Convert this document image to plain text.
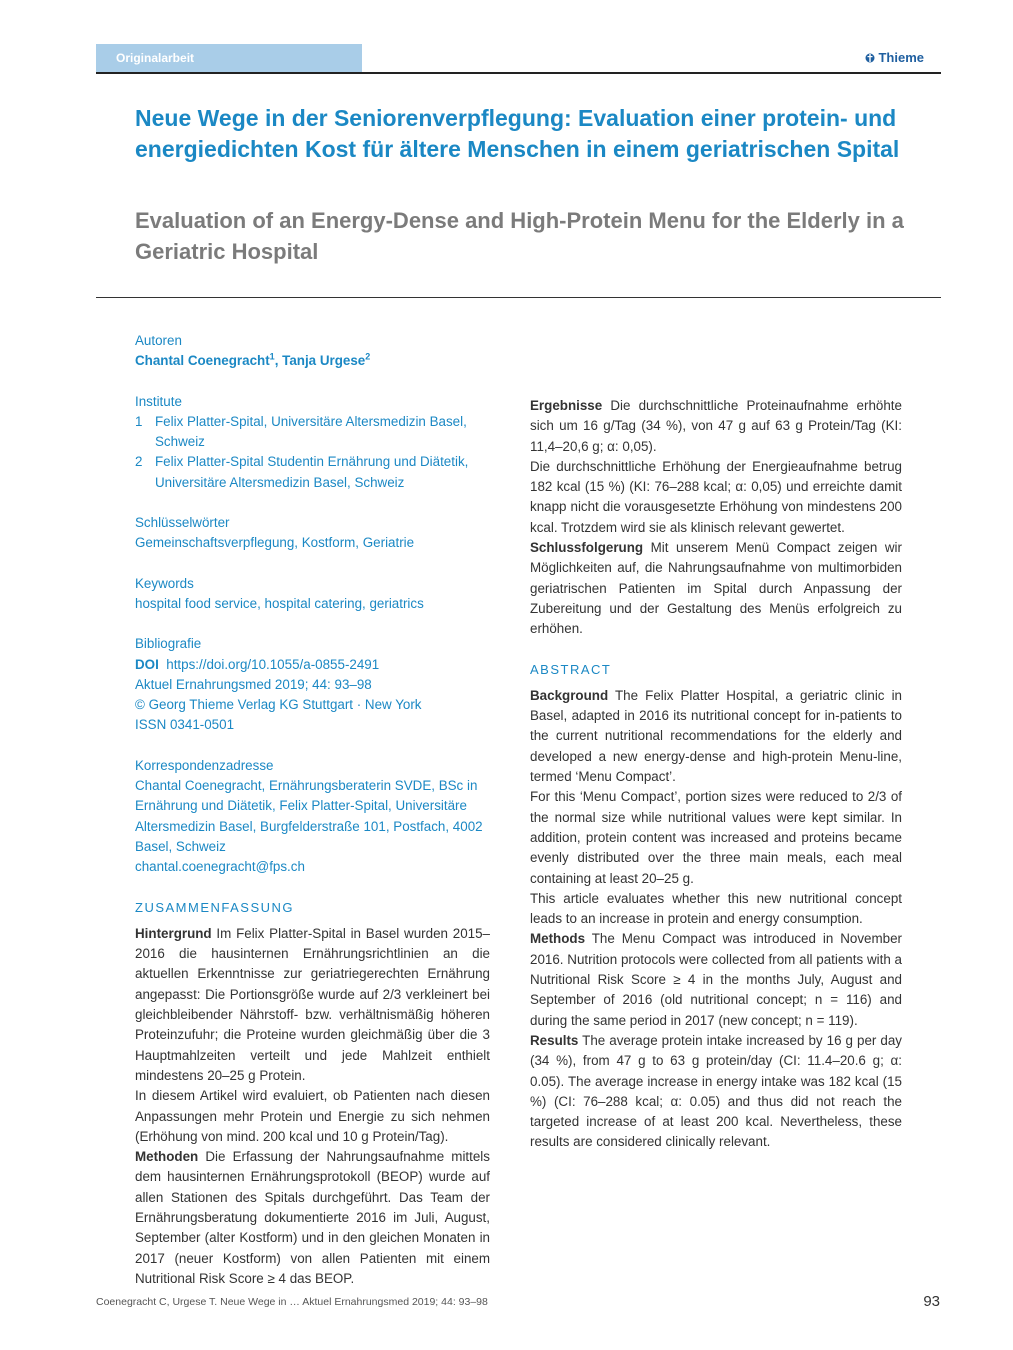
Originalarbeit	Thieme
Neue Wege in der Seniorenverpflegung: Evaluation einer protein- und energiedichten Kost für ältere Menschen in einem geriatrischen Spital
Evaluation of an Energy-Dense and High-Protein Menu for the Elderly in a Geriatric Hospital
Autoren
Chantal Coenegracht$^1$, Tanja Urgese$^2$
Institute
1 Felix Platter-Spital, Universitäre Altersmedizin Basel, Schweiz
2 Felix Platter-Spital Studentin Ernährung und Diätetik, Universitäre Altersmedizin Basel, Schweiz
Schlüsselwörter
Gemeinschaftsverpflegung, Kostform, Geriatrie
Keywords
hospital food service, hospital catering, geriatrics
Bibliografie
DOI https://doi.org/10.1055/a-0855-2491
Aktuel Ernahrungsmed 2019; 44: 93–98
© Georg Thieme Verlag KG Stuttgart · New York
ISSN 0341-0501
Korrespondenzadresse
Chantal Coenegracht, Ernährungsberaterin SVDE, BSc in Ernährung und Diätetik, Felix Platter-Spital, Universitäre Altersmedizin Basel, Burgfelderstraße 101, Postfach, 4002 Basel, Schweiz
chantal.coenegracht@fps.ch
ZUSAMMENFASSUNG

Hintergrund Im Felix Platter-Spital in Basel wurden 2015–2016 die hausinternen Ernährungsrichtlinien an die aktuellen Erkenntnisse zur geriatriegerechten Ernährung angepasst: Die Portionsgröße wurde auf 2/3 verkleinert bei gleichbleibender Nährstoff- bzw. verhältnismäßig höheren Proteinzufuhr; die Proteine wurden gleichmäßig über die 3 Hauptmahlzeiten verteilt und jede Mahlzeit enthielt mindestens 20–25 g Protein.

In diesem Artikel wird evaluiert, ob Patienten nach diesen Anpassungen mehr Protein und Energie zu sich nehmen (Erhöhung von mind. 200 kcal und 10 g Protein/Tag).

Methoden Die Erfassung der Nahrungsaufnahme mittels dem hausinternen Ernährungsprotokoll (BEOP) wurde auf allen Stationen des Spitals durchgeführt. Das Team der Ernährungsberatung dokumentierte 2016 im Juli, August, September (alter Kostform) und in den gleichen Monaten in 2017 (neuer Kostform) von allen Patienten mit einem Nutritional Risk Score ≥ 4 das BEOP.

Ergebnisse Die durchschnittliche Proteinaufnahme erhöhte sich um 16 g/Tag (34 %), von 47 g auf 63 g Protein/Tag (KI: 11,4–20,6 g; α: 0,05).

Die durchschnittliche Erhöhung der Energieaufnahme betrug 182 kcal (15 %) (KI: 76–288 kcal; α: 0,05) und erreichte damit knapp nicht die vorausgesetzte Erhöhung von mindestens 200 kcal. Trotzdem wird sie als klinisch relevant gewertet.

Schlussfolgerung Mit unserem Menü Compact zeigen wir Möglichkeiten auf, die Nahrungsaufnahme von multimorbiden geriatrischen Patienten im Spital durch Anpassung der Zubereitung und der Gestaltung des Menüs erfolgreich zu erhöhen.

ABSTRACT

Background The Felix Platter Hospital, a geriatric clinic in Basel, adapted in 2016 its nutritional concept for in-patients to the current nutritional recommendations for the elderly and developed a new energy-dense and high-protein Menu-line, termed ‘Menu Compact’.

For this ‘Menu Compact’, portion sizes were reduced to 2/3 of the normal size while nutritional values were kept similar. In addition, protein content was increased and proteins became evenly distributed over the three main meals, each meal containing at least 20–25 g.

This article evaluates whether this new nutritional concept leads to an increase in protein and energy consumption.

Methods The Menu Compact was introduced in November 2016. Nutrition protocols were collected from all patients with a Nutritional Risk Score ≥ 4 in the months July, August and September of 2016 (old nutritional concept; n = 116) and during the same period in 2017 (new concept; n = 119).

Results The average protein intake increased by 16 g per day (34 %), from 47 g to 63 g protein/day (CI: 11.4–20.6 g; α: 0.05). The average increase in energy intake was 182 kcal (15 %) (CI: 76–288 kcal; α: 0.05) and thus did not reach the targeted increase of at least 200 kcal. Nevertheless, these results are considered clinically relevant.

Coenegracht C, Urgese T. Neue Wege in … Aktuel Ernahrungsmed 2019; 44: 93–98	93
